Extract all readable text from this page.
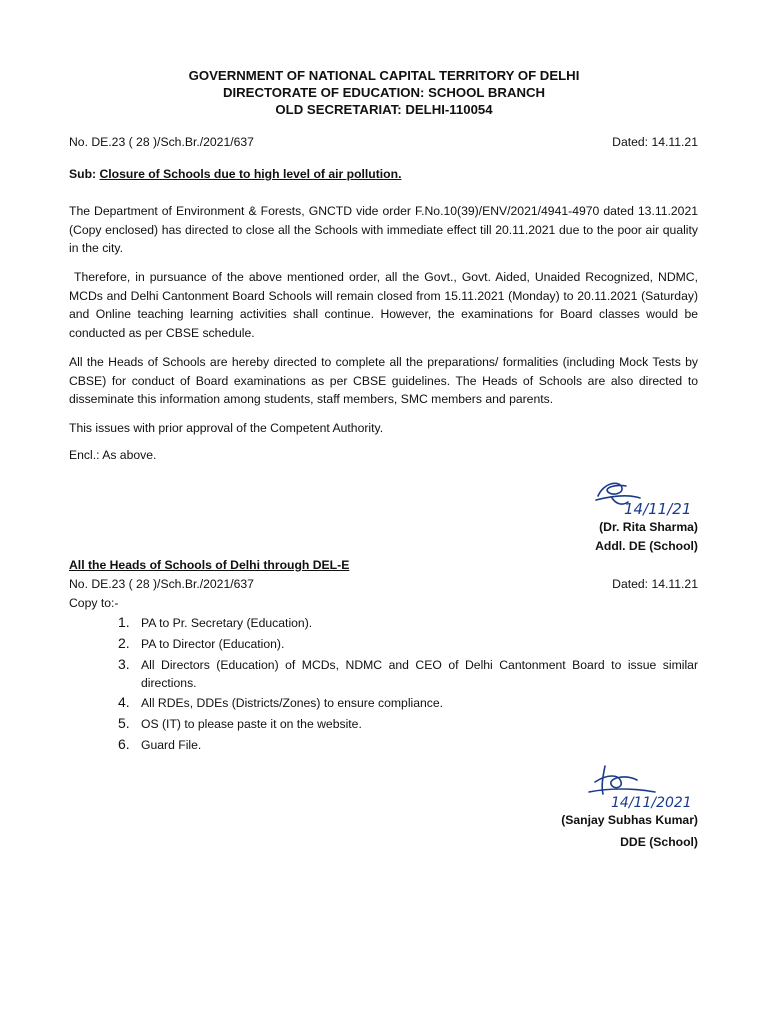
GOVERNMENT OF NATIONAL CAPITAL TERRITORY OF DELHI
DIRECTORATE OF EDUCATION: SCHOOL BRANCH
OLD SECRETARIAT: DELHI-110054
No. DE.23 ( 28 )/Sch.Br./2021/637	Dated: 14.11.21
Sub: Closure of Schools due to high level of air pollution.

The Department of Environment & Forests, GNCTD vide order F.No.10(39)/ENV/2021/4941-4970 dated 13.11.2021 (Copy enclosed) has directed to close all the Schools with immediate effect till 20.11.2021 due to the poor air quality in the city.

Therefore, in pursuance of the above mentioned order, all the Govt., Govt. Aided, Unaided Recognized, NDMC, MCDs and Delhi Cantonment Board Schools will remain closed from 15.11.2021 (Monday) to 20.11.2021 (Saturday) and Online teaching learning activities shall continue. However, the examinations for Board classes would be conducted as per CBSE schedule.

All the Heads of Schools are hereby directed to complete all the preparations/ formalities (including Mock Tests by CBSE) for conduct of Board examinations as per CBSE guidelines. The Heads of Schools are also directed to disseminate this information among students, staff members, SMC members and parents.

This issues with prior approval of the Competent Authority.
Encl.: As above.
14/11/21
(Dr. Rita Sharma)
Addl. DE (School)
All the Heads of Schools of Delhi through DEL-E
No. DE.23 ( 28 )/Sch.Br./2021/637	Dated: 14.11.21
Copy to:-
1. PA to Pr. Secretary (Education).
2. PA to Director (Education).
3. All Directors (Education) of MCDs, NDMC and CEO of Delhi Cantonment Board to issue similar directions.
4. All RDEs, DDEs (Districts/Zones) to ensure compliance.
5. OS (IT) to please paste it on the website.
6. Guard File.
14/11/2021
(Sanjay Subhas Kumar)
DDE (School)
